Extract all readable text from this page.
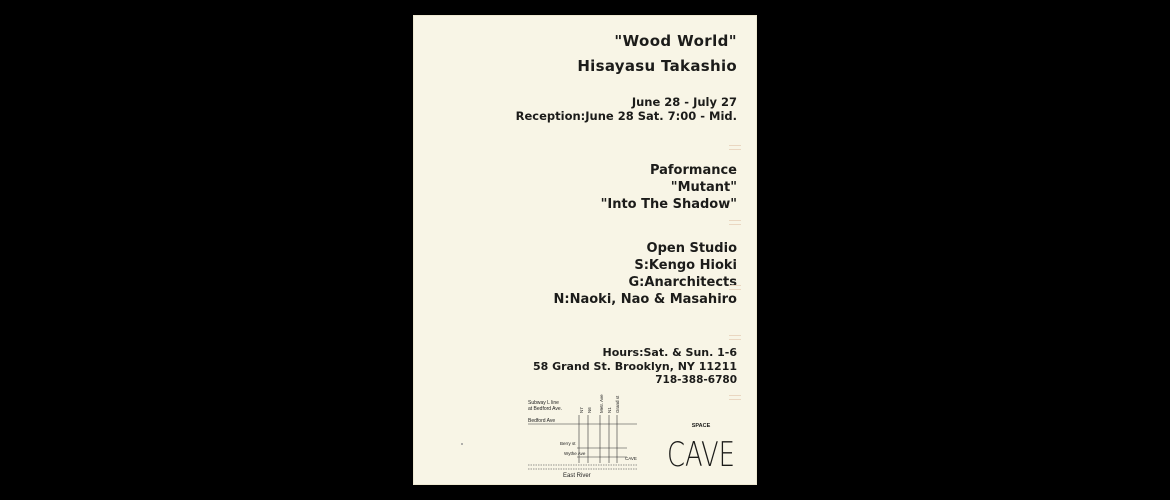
"Wood World"
Hisayasu Takashio
June 28 - July 27
Reception:June 28 Sat. 7:00 - Mid.
Paformance
"Mutant"
"Into The Shadow"
Open Studio
S:Kengo Hioki
G:Anarchitects
N:Naoki, Nao & Masahiro
Hours:Sat. & Sun. 1-6
58 Grand St. Brooklyn, NY 11211
718-388-6780
Subway L line
at Bedford Ave.
Bedford Ave
Berry st
Wythe Ave
CAVE
East River
N7 N6 Metr. Ave N1 Grand st
SPACE
CAVE
